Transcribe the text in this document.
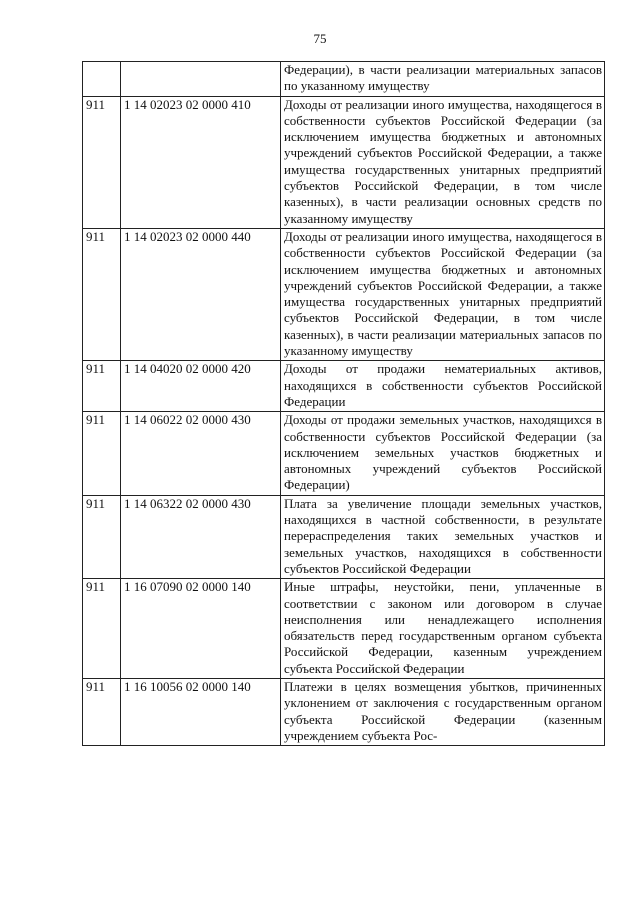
75
		Федерации), в части реализации материальных запасов по указанному имуществу
911	1 14 02023 02 0000 410	Доходы от реализации иного имущества, находящегося в собственности субъектов Российской Федерации (за исключением имущества бюджетных и автономных учреждений субъектов Российской Федерации, а также имущества государственных унитарных предприятий субъектов Российской Федерации, в том числе казенных), в части реализации основных средств по указанному имуществу
911	1 14 02023 02 0000 440	Доходы от реализации иного имущества, находящегося в собственности субъектов Российской Федерации (за исключением имущества бюджетных и автономных учреждений субъектов Российской Федерации, а также имущества государственных унитарных предприятий субъектов Российской Федерации, в том числе казенных), в части реализации материальных запасов по указанному имуществу
911	1 14 04020 02 0000 420	Доходы от продажи нематериальных активов, находящихся в собственности субъектов Российской Федерации
911	1 14 06022 02 0000 430	Доходы от продажи земельных участков, находящихся в собственности субъектов Российской Федерации (за исключением земельных участков бюджетных и автономных учреждений субъектов Российской Федерации)
911	1 14 06322 02 0000 430	Плата за увеличение площади земельных участков, находящихся в частной собственности, в результате перераспределения таких земельных участков и земельных участков, находящихся в собственности субъектов Российской Федерации
911	1 16 07090 02 0000 140	Иные штрафы, неустойки, пени, уплаченные в соответствии с законом или договором в случае неисполнения или ненадлежащего исполнения обязательств перед государственным органом субъекта Российской Федерации, казенным учреждением субъекта Российской Федерации
911	1 16 10056 02 0000 140	Платежи в целях возмещения убытков, причиненных уклонением от заключения с государственным органом субъекта Российской Федерации (казенным учреждением субъекта Рос-
